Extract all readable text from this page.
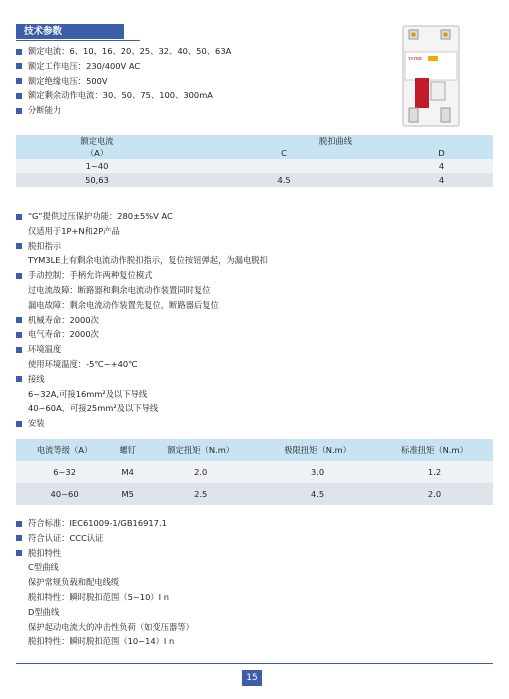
技术参数
额定电流：6、10、16、20、25、32、40、50、63A
额定工作电压：230/400V AC
额定绝缘电压：500V
额定剩余动作电流：30、50、75、100、300mA
分断能力
TAYEE
额定电流
（A）	脱扣曲线	
	C	D
1~40		4
50,63	4.5	4
“G”提供过压保护功能：280±5%V AC
仅适用于1P+N和2P产品
脱扣指示
TYM3LE上有剩余电流动作脱扣指示，复位按钮弹起，为漏电脱扣
手动控制：手柄允许两种复位模式
过电流故障：断路器和剩余电流动作装置同时复位
漏电故障：剩余电流动作装置先复位，断路器后复位
机械寿命：2000次
电气寿命：2000次
环境温度
使用环境温度：-5℃~+40℃
接线
6~32A,可接16mm²及以下导线
40~60A，可接25mm²及以下导线
安装
电流等级（A）	螺钉	额定扭矩（N.m）	极限扭矩（N.m）	标准扭矩（N.m）
6~32	M4	2.0	3.0	1.2
40~60	M5	2.5	4.5	2.0
符合标准：IEC61009-1/GB16917.1
符合认证：CCC认证
脱扣特性
C型曲线
保护常规负载和配电线缆
脱扣特性：瞬时脱扣范围（5~10）I n
D型曲线
保护起动电流大的冲击性负荷（如变压器等）
脱扣特性：瞬时脱扣范围（10~14）I n
15
